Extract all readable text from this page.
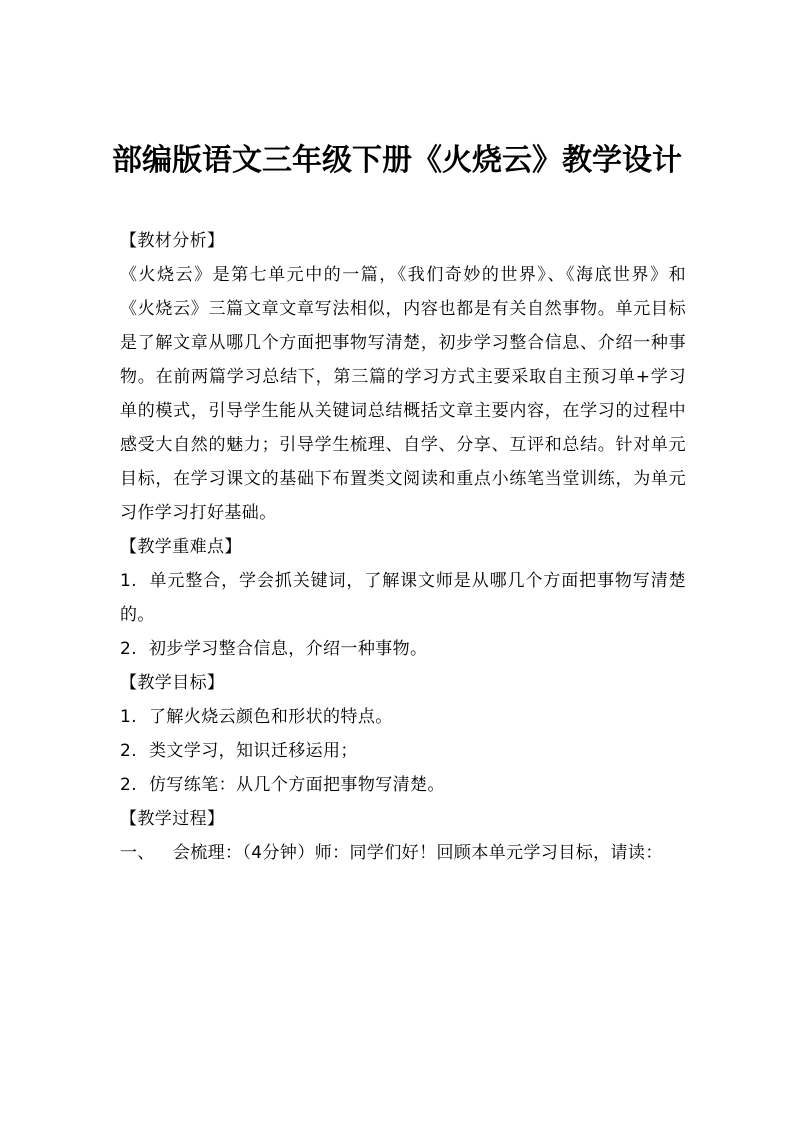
部编版语文三年级下册《火烧云》教学设计

【教材分析】

《火烧云》是第七单元中的一篇，《我们奇妙的世界》、《海底世界》和《火烧云》三篇文章文章写法相似，内容也都是有关自然事物。单元目标是了解文章从哪几个方面把事物写清楚，初步学习整合信息、介绍一种事物。在前两篇学习总结下，第三篇的学习方式主要采取自主预习单+学习单的模式，引导学生能从关键词总结概括文章主要内容，在学习的过程中感受大自然的魅力；引导学生梳理、自学、分享、互评和总结。针对单元目标，在学习课文的基础下布置类文阅读和重点小练笔当堂训练，为单元习作学习打好基础。

【教学重难点】

1. 单元整合，学会抓关键词，了解课文师是从哪几个方面把事物写清楚的。

2. 初步学习整合信息，介绍一种事物。

【教学目标】

1. 了解火烧云颜色和形状的特点。

2. 类文学习，知识迁移运用；

2. 仿写练笔：从几个方面把事物写清楚。

【教学过程】

一、 会梳理：（4分钟）师：同学们好！回顾本单元学习目标，请读：
